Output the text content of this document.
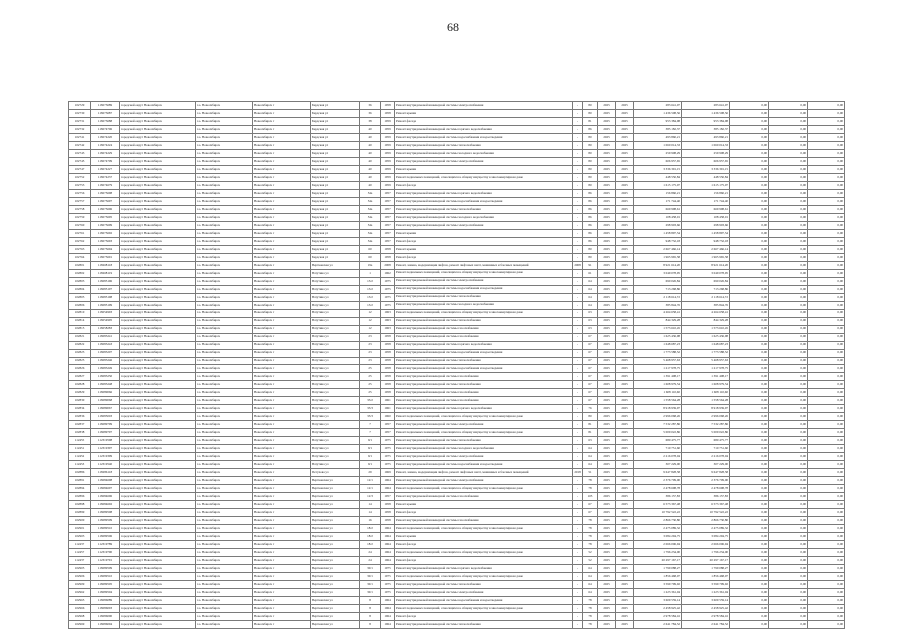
68
102729	118273689	городской округ Новосибирск	г.о. Новосибирск	Новосибирск г	Бердская ул	36	1958	Ремонт внутридомовой инженерной системы электроснабжения	-	80	2025	2025	283 641,07	283 641,07	0,00	0,00	0,00
102730	118273687	городской округ Новосибирск	г.о. Новосибирск	Новосибирск г	Бердская ул	36	1958	Ремонт крыши	-	80	2025	2025	1 436 508,56	1 436 508,56	0,00	0,00	0,00
102731	118273688	городской округ Новосибирск	г.о. Новосибирск	Новосибирск г	Бердская ул	38	1959	Ремонт фасада	-	81	2025	2025	953 384,98	953 384,98	0,00	0,00	0,00
102732	118274706	городской округ Новосибирск	г.о. Новосибирск	Новосибирск г	Бердская ул	40	1959	Ремонт внутридомовой инженерной системы горячего водоснабжения	-	86	2025	2025	385 182,37	385 182,37	0,00	0,00	0,00
102741	118274220	городской округ Новосибирск	г.о. Новосибирск	Новосибирск г	Бердская ул	40	1959	Ремонт внутридомовой инженерной системы водоснабжения и водоотведения	-	80	2025	2025	493 860,21	493 860,21	0,00	0,00	0,00
102742	118274224	городской округ Новосибирск	г.о. Новосибирск	Новосибирск г	Бердская ул	40	1959	Ремонт внутридомовой инженерной системы теплоснабжения	-	80	2025	2025	1 060 014,33	1 060 014,33	0,00	0,00	0,00
102743	118274229	городской округ Новосибирск	г.о. Новосибирск	Новосибирск г	Бердская ул	40	1959	Ремонт внутридомовой инженерной системы холодного водоснабжения	-	80	2025	2025	259 908,29	259 908,29	0,00	0,00	0,00
102745	118274709	городской округ Новосибирск	г.о. Новосибирск	Новосибирск г	Бердская ул	40	1959	Ремонт внутридомовой инженерной системы электроснабжения	-	80	2025	2025	606 957,65	606 957,65	0,00	0,00	0,00
102747	118274227	городской округ Новосибирск	г.о. Новосибирск	Новосибирск г	Бердская ул	40	1959	Ремонт крыши	-	80	2025	2025	3 336 391,15	3 336 391,15	0,00	0,00	0,00
102752	118274237	городской округ Новосибирск	г.о. Новосибирск	Новосибирск г	Бердская ул	40	1959	Ремонт подвальных помещений, относящихся к общему имуществу в многоквартирном доме	-	80	2025	2025	448 550,84	448 550,84	0,00	0,00	0,00
102753	118274679	городской округ Новосибирск	г.о. Новосибирск	Новосибирск г	Бердская ул	40	1959	Ремонт фасада	-	80	2025	2025	1 615 175,07	1 615 175,07	0,00	0,00	0,00
102756	118275698	городской округ Новосибирск	г.о. Новосибирск	Новосибирск г	Бердская ул	54а	1957	Ремонт внутридомовой инженерной системы горячего водоснабжения	-	86	2025	2025	156 860,21	156 860,21	0,00	0,00	0,00
102757	118275697	городской округ Новосибирск	г.о. Новосибирск	Новосибирск г	Бердская ул	54а	1957	Ремонт внутридомовой инженерной системы водоснабжения и водоотведения	-	86	2025	2025	171 744,40	171 744,40	0,00	0,00	0,00
102758	118275696	городской округ Новосибирск	г.о. Новосибирск	Новосибирск г	Бердская ул	54а	1957	Ремонт внутридомовой инженерной системы теплоснабжения	-	86	2025	2025	669 998,61	669 998,61	0,00	0,00	0,00
102759	118275695	городской округ Новосибирск	г.о. Новосибирск	Новосибирск г	Бердская ул	54а	1957	Ремонт внутридомовой инженерной системы холодного водоснабжения	-	86	2025	2025	108 458,01	108 458,01	0,00	0,00	0,00
102760	118275699	городской округ Новосибирск	г.о. Новосибирск	Новосибирск г	Бердская ул	54а	1957	Ремонт внутридомовой инженерной системы электроснабжения	-	86	2025	2025	298 903,66	298 903,66	0,00	0,00	0,00
102761	118275692	городской округ Новосибирск	г.о. Новосибирск	Новосибирск г	Бердская ул	54а	1957	Ремонт крыши	-	86	2025	2025	1 458 897,54	1 458 897,54	0,00	0,00	0,00
102762	118275693	городской округ Новосибирск	г.о. Новосибирск	Новосибирск г	Бердская ул	54а	1957	Ремонт фасада	-	86	2025	2025	948 732,18	948 732,18	0,00	0,00	0,00
102763	118275694	городской округ Новосибирск	г.о. Новосибирск	Новосибирск г	Бердская ул	60	1958	Ремонт крыши	-	80	2025	2025	2 667 466,14	2 667 466,14	0,00	0,00	0,00
102764	118275691	городской округ Новосибирск	г.о. Новосибирск	Новосибирск г	Бердская ул	60	1958	Ремонт фасада	-	80	2025	2025	1 965 965,58	1 965 965,58	0,00	0,00	0,00
102801	118268118	городской округ Новосибирск	г.о. Новосибирск	Новосибирск г	Вертковская ул	19а	2008	Ремонт, замена, модернизация лифтов, ремонт лифтовых шахт, машинных и блочных помещений	2008	91	2025	2025	8 921 614,20	8 921 614,20	0,00	0,00	0,00
102802	118268119	городской округ Новосибирск	г.о. Новосибирск	Новосибирск г	Ватутина ул	1	1962	Ремонт подвальных помещений, относящихся к общему имуществу в многоквартирном доме	-	61	2025	2025	3 049 078,95	3 049 078,95	0,00	0,00	0,00
102803	118285196	городской округ Новосибирск	г.о. Новосибирск	Новосибирск г	Ватутина ул	13/2	1975	Ремонт внутридомовой инженерной системы электроснабжения	-	64	2025	2025	690 026,84	690 026,84	0,00	0,00	0,00
102804	118285197	городской округ Новосибирск	г.о. Новосибирск	Новосибирск г	Ватутина ул	13/2	1975	Ремонт внутридомовой инженерной системы водоснабжения и водоотведения	-	64	2025	2025	713 268,86	713 268,86	0,00	0,00	0,00
102805	118285198	городской округ Новосибирск	г.о. Новосибирск	Новосибирск г	Ватутина ул	13/2	1975	Ремонт внутридомовой инженерной системы теплоснабжения	-	64	2025	2025	2 118 614,72	2 118 614,72	0,00	0,00	0,00
102806	118285199	городской округ Новосибирск	г.о. Новосибирск	Новосибирск г	Ватутина ул	13/2	1975	Ремонт внутридомовой инженерной системы холодного водоснабжения	-	64	2025	2025	385 844,76	385 844,76	0,00	0,00	0,00
102810	118254993	городской округ Новосибирск	г.о. Новосибирск	Новосибирск г	Ватутина ул	12	1963	Ремонт подвальных помещений, относящихся к общему имуществу в многоквартирном доме	-	63	2025	2025	4 264 658,41	4 264 658,41	0,00	0,00	0,00
102814	118254995	городской округ Новосибирск	г.о. Новосибирск	Новосибирск г	Ватутина ул	12	1963	Ремонт внутридомовой инженерной системы теплоснабжения	-	63	2025	2025	844 329,28	844 329,28	0,00	0,00	0,00
102815	118258283	городской округ Новосибирск	г.о. Новосибирск	Новосибирск г	Ватутина ул	12	1963	Ремонт внутридомовой инженерной системы газоснабжения	-	63	2025	2025	1 573 610,45	1 573 610,45	0,00	0,00	0,00
102821	118283241	городской округ Новосибирск	г.о. Новосибирск	Новосибирск г	Ватутина ул	23	1958	Ремонт внутридомовой инженерной системы газоснабжения	-	67	2025	2025	1 625 436,98	1 625 436,98	0,00	0,00	0,00
102822	118283243	городской округ Новосибирск	г.о. Новосибирск	Новосибирск г	Ватутина ул	23	1958	Ремонт внутридомовой инженерной системы горячего водоснабжения	-	67	2025	2025	1 648 687,23	1 648 687,23	0,00	0,00	0,00
102823	118283207	городской округ Новосибирск	г.о. Новосибирск	Новосибирск г	Ватутина ул	23	1958	Ремонт внутридомовой инженерной системы водоснабжения и водоотведения	-	67	2025	2025	1 773 588,52	1 773 588,52	0,00	0,00	0,00
102825	118283246	городской округ Новосибирск	г.о. Новосибирск	Новосибирск г	Ватутина ул	23	1958	Ремонт внутридомовой инженерной системы теплоснабжения	-	67	2025	2025	5 468 957,63	5 468 957,63	0,00	0,00	0,00
102826	118283249	городской округ Новосибирск	г.о. Новосибирск	Новосибирск г	Ватутина ул	25	1958	Ремонт внутридомовой инженерной системы водоснабжения и водоотведения	-	67	2025	2025	1 217 978,75	1 217 978,75	0,00	0,00	0,00
102827	118283250	городской округ Новосибирск	г.о. Новосибирск	Новосибирск г	Ватутина ул	25	1958	Ремонт внутридомовой инженерной системы газоснабжения	-	67	2025	2025	1 391 408,17	1 391 408,17	0,00	0,00	0,00
102828	118283248	городской округ Новосибирск	г.о. Новосибирск	Новосибирск г	Ватутина ул	25	1958	Ремонт внутридомовой инженерной системы теплоснабжения	-	67	2025	2025	1 608 979,54	1 608 979,54	0,00	0,00	0,00
102829	118289066	городской округ Новосибирск	г.о. Новосибирск	Новосибирск г	Ватутина ул	25	1958	Ремонт внутридомовой инженерной системы газоснабжения	-	67	2025	2025	1 608 110,60	1 608 110,60	0,00	0,00	0,00
102830	118289068	городской округ Новосибирск	г.о. Новосибирск	Новосибирск г	Ватутина ул	33/2	1961	Ремонт внутридомовой инженерной системы газоснабжения	-	67	2025	2025	1 558 564,28	1 558 564,28	0,00	0,00	0,00
102834	118289067	городской округ Новосибирск	г.о. Новосибирск	Новосибирск г	Ватутина ул	33/3	1961	Ремонт внутридомовой инженерной системы горячего водоснабжения	-	76	2025	2025	8 918 939,97	8 918 939,97	0,00	0,00	0,00
102836	118285003	городской округ Новосибирск	г.о. Новосибирск	Новосибирск г	Ватутина ул	33/3	1960	Ремонт подвальных помещений, относящихся к общему имуществу в многоквартирном доме	-	80	2025	2025	2 996 068,26	2 996 068,26	0,00	0,00	0,00
102837	118289799	городской округ Новосибирск	г.о. Новосибирск	Новосибирск г	Ватутина ул	7	1957	Ремонт внутридомовой инженерной системы электроснабжения	-	81	2025	2025	7 532 287,86	7 532 287,86	0,00	0,00	0,00
102838	118289797	городской округ Новосибирск	г.о. Новосибирск	Новосибирск г	Ватутина ул	7	1957	Ремонт подвальных помещений, относящихся к общему имуществу в многоквартирном доме	-	81	2025	2025	5 009 022,86	5 009 022,86	0,00	0,00	0,00
112455	112319598	городской округ Новосибирск	г.о. Новосибирск	Новосибирск г	Ватутина ул	9/1	1975	Ремонт внутридомовой инженерной системы теплоснабжения	-	63	2025	2025	680 475,77	680 475,77	0,00	0,00	0,00
112451	112319397	городской округ Новосибирск	г.о. Новосибирск	Новосибирск г	Ватутина ул	9/1	1975	Ремонт внутридомовой инженерной системы холодного водоснабжения	-	64	2025	2025	710 751,60	710 751,60	0,00	0,00	0,00
112452	112319399	городской округ Новосибирск	г.о. Новосибирск	Новосибирск г	Ватутина ул	9/1	1975	Ремонт внутридомовой инженерной системы электроснабжения	-	64	2025	2025	2 216 078,04	2 216 078,04	0,00	0,00	0,00
112453	112319540	городской округ Новосибирск	г.о. Новосибирск	Новосибирск г	Ватутина ул	9/1	1975	Ремонт внутридомовой инженерной системы водоснабжения и водоотведения	-	64	2025	2025	307 229,00	307 229,00	0,00	0,00	0,00
102886	118286118	городской округ Новосибирск	г.о. Новосибирск	Новосибирск г	Петухова ул	29	1969	Ремонт, замена, модернизация лифтов, ремонт лифтовых шахт, машинных и блочных помещений	2018	51	2025	2025	9 647 828,58	9 647 828,58	0,00	0,00	0,00
102891	118284698	городской округ Новосибирск	г.о. Новосибирск	Новосибирск г	Вертковская ул	12/1	1964	Ремонт внутридомовой инженерной системы электроснабжения	-	78	2025	2025	2 376 709,00	2 376 709,00	0,00	0,00	0,00
102894	118284697	городской округ Новосибирск	г.о. Новосибирск	Новосибирск г	Вертковская ул	12/1	1964	Ремонт подвальных помещений, относящихся к общему имуществу в многоквартирном доме	-	78	2025	2025	2 478 698,78	2 478 698,78	0,00	0,00	0,00
102896	118284696	городской округ Новосибирск	г.о. Новосибирск	Новосибирск г	Вертковская ул	12/3	1957	Ремонт внутридомовой инженерной системы газоснабжения	-	105	2025	2025	386 157,83	386 157,83	0,00	0,00	0,00
102898	118284692	городской округ Новосибирск	г.о. Новосибирск	Новосибирск г	Вертковская ул	14	1958	Ремонт крыши	-	67	2025	2025	6 573 367,48	6 573 367,48	0,00	0,00	0,00
102899	118289508	городской округ Новосибирск	г.о. Новосибирск	Новосибирск г	Вертковская ул	14	1958	Ремонт фасада	-	67	2025	2025	10 792 522,22	10 792 522,22	0,00	0,00	0,00
102900	118289509	городской округ Новосибирск	г.о. Новосибирск	Новосибирск г	Вертковская ул	16	1958	Ремонт внутридомовой инженерной системы газоснабжения	-	78	2025	2025	2 866 730,80	2 866 730,80	0,00	0,00	0,00
102901	118289510	городской округ Новосибирск	г.о. Новосибирск	Новосибирск г	Вертковская ул	18/2	1964	Ремонт подвальных помещений, относящихся к общему имуществу в многоквартирном доме	-	78	2025	2025	2 475 089,32	2 475 089,32	0,00	0,00	0,00
102903	118289506	городской округ Новосибирск	г.о. Новосибирск	Новосибирск г	Вертковская ул	18/2	1964	Ремонт крыши	-	78	2025	2025	3 084 294,75	3 084 294,75	0,00	0,00	0,00
112437	112319789	городской округ Новосибирск	г.о. Новосибирск	Новосибирск г	Вертковская ул	18/2	1964	Ремонт фасада	-	78	2025	2025	2 066 006,94	2 066 006,94	0,00	0,00	0,00
112457	112319790	городской округ Новосибирск	г.о. Новосибирск	Новосибирск г	Вертковская ул	24	1964	Ремонт подвальных помещений, относящихся к общему имуществу в многоквартирном доме	-	52	2025	2025	1 796 234,00	1 796 234,00	0,00	0,00	0,00
112437	112319791	городской округ Новосибирск	г.о. Новосибирск	Новосибирск г	Вертковская ул	24	1964	Ремонт фасада	-	52	2025	2025	20 297 167,17	20 297 167,17	0,00	0,00	0,00
102905	118289509	городской округ Новосибирск	г.о. Новосибирск	Новосибирск г	Вертковская ул	30/1	1975	Ремонт внутридомовой инженерной системы горячего водоснабжения	-	64	2025	2025	1 799 088,27	1 799 088,27	0,00	0,00	0,00
102906	118289510	городской округ Новосибирск	г.о. Новосибирск	Новосибирск г	Вертковская ул	30/1	1975	Ремонт подвальных помещений, относящихся к общему имуществу в многоквартирном доме	-	64	2025	2025	1 856 468,07	1 856 468,07	0,00	0,00	0,00
102909	118289505	городской округ Новосибирск	г.о. Новосибирск	Новосибирск г	Вертковская ул	30/1	1975	Ремонт внутридомовой инженерной системы теплоснабжения	-	64	2025	2025	3 599 799,92	3 599 799,92	0,00	0,00	0,00
102962	118289504	городской округ Новосибирск	г.о. Новосибирск	Новосибирск г	Вертковская ул	30/1	1975	Ремонт внутридомовой инженерной системы электроснабжения	-	64	2025	2025	1 223 361,04	1 223 361,04	0,00	0,00	0,00
102965	118286089	городской округ Новосибирск	г.о. Новосибирск	Новосибирск г	Вертковская ул	8	1964	Ремонт внутридомовой инженерной системы водоснабжения и водоотведения	-	78	2025	2025	3 609 559,14	3 609 559,14	0,00	0,00	0,00
102966	118286093	городской округ Новосибирск	г.о. Новосибирск	Новосибирск г	Вертковская ул	8	1964	Ремонт подвальных помещений, относящихся к общему имуществу в многоквартирном доме	-	78	2025	2025	2 458 925,42	2 458 925,42	0,00	0,00	0,00
102968	118286090	городской округ Новосибирск	г.о. Новосибирск	Новосибирск г	Вертковская ул	8	1964	Ремонт фасада	-	78	2025	2025	2 978 584,16	2 978 584,16	0,00	0,00	0,00
102969	118286094	городской округ Новосибирск	г.о. Новосибирск	Новосибирск г	Вертковская ул	8	1964	Ремонт внутридомовой инженерной системы теплоснабжения	-	78	2025	2025	2 641 784,52	2 641 784,52	0,00	0,00	0,00
